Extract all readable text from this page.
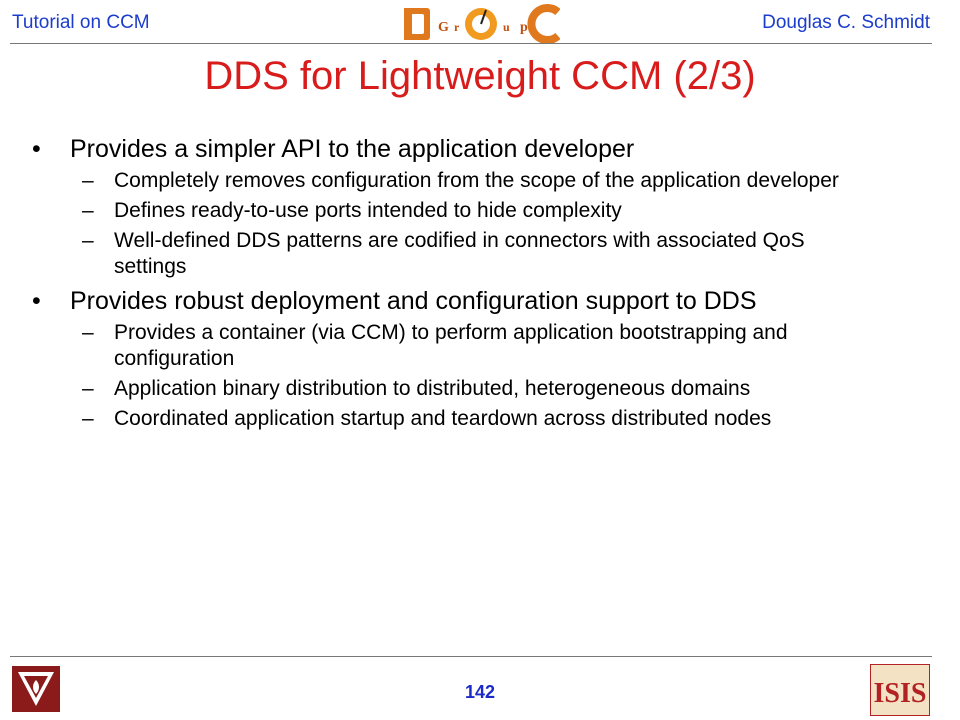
Tutorial on CCM	G r	u p	Douglas C. Schmidt
DDS for Lightweight CCM (2/3)
•	Provides a simpler API to the application developer
– Completely removes configuration from the scope of the application developer
– Defines ready-to-use ports intended to hide complexity
– Well-defined DDS patterns are codified in connectors with associated QoS settings
•	Provides robust deployment and configuration support to DDS
– Provides a container (via CCM) to perform application bootstrapping and configuration
– Application binary distribution to distributed, heterogeneous domains
– Coordinated application startup and teardown across distributed nodes
142	ISIS
